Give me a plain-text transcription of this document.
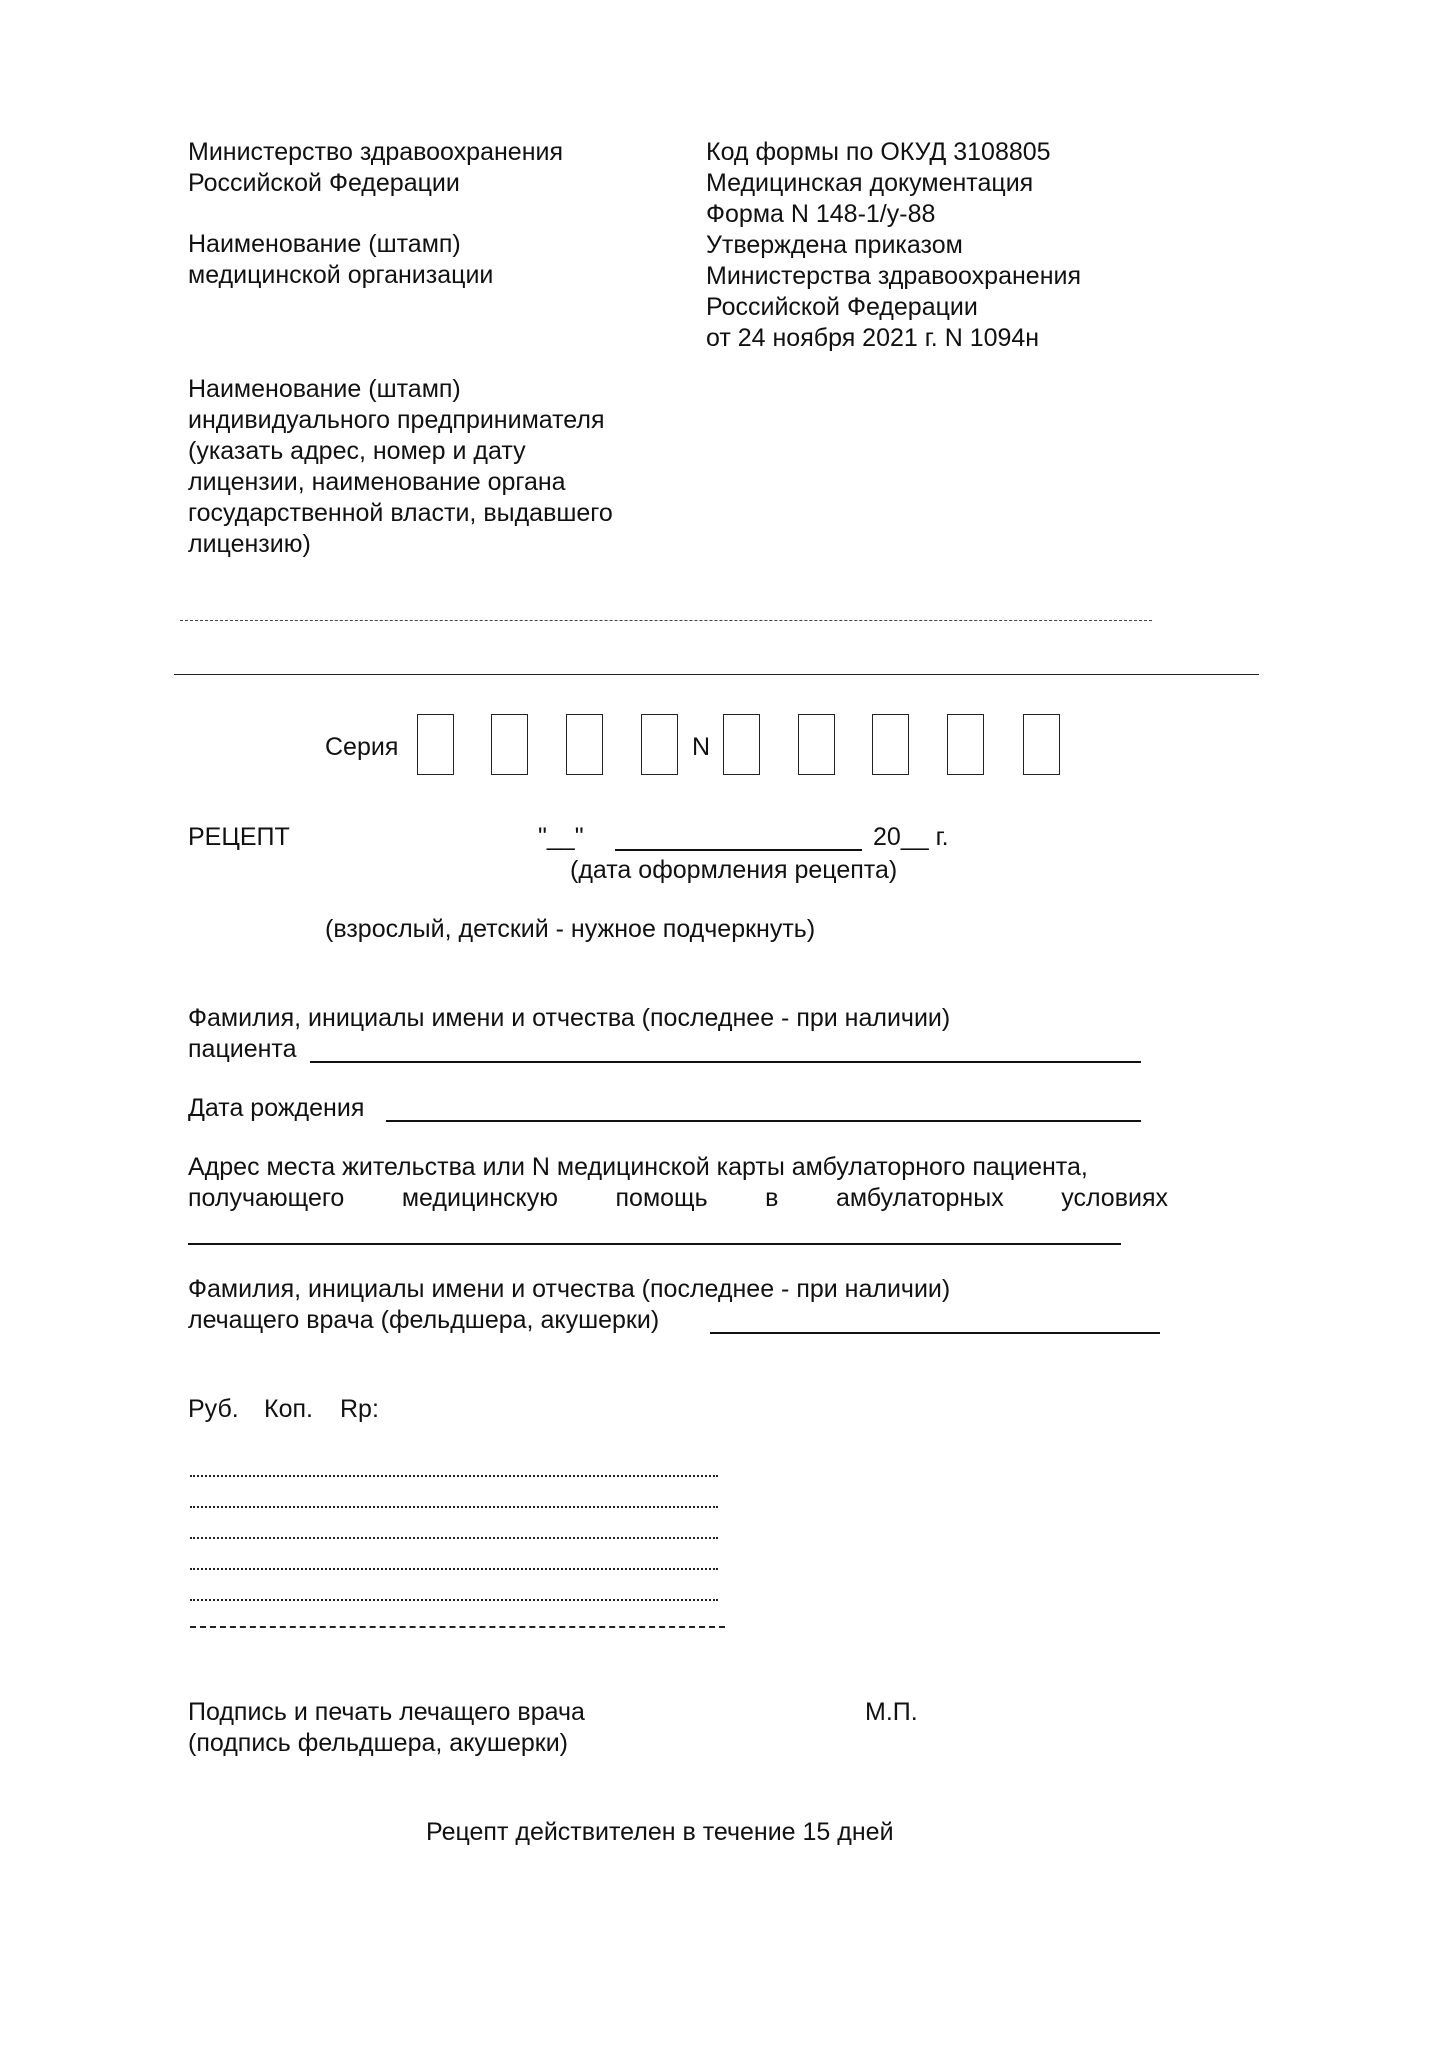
Министерство здравоохранения
Российской Федерации
Наименование (штамп)
медицинской организации
Наименование (штамп)
индивидуального предпринимателя
(указать адрес, номер и дату
лицензии, наименование органа
государственной власти, выдавшего
лицензию)
Код формы по ОКУД 3108805
Медицинская документация
Форма N 148-1/у-88
Утверждена приказом
Министерства здравоохранения
Российской Федерации
от 24 ноября 2021 г. N 1094н
Серия	N
РЕЦЕПТ	"__"	20__ г.
(дата оформления рецепта)
(взрослый, детский - нужное подчеркнуть)
Фамилия, инициалы имени и отчества (последнее - при наличии)
пациента
Дата рождения
Адрес места жительства или N медицинской карты амбулаторного пациента,
получающего медицинскую помощь в амбулаторных условиях
Фамилия, инициалы имени и отчества (последнее - при наличии)
лечащего врача (фельдшера, акушерки)
Руб. Коп. Rp:
Подпись и печать лечащего врача
(подпись фельдшера, акушерки)
М.П.
Рецепт действителен в течение 15 дней
